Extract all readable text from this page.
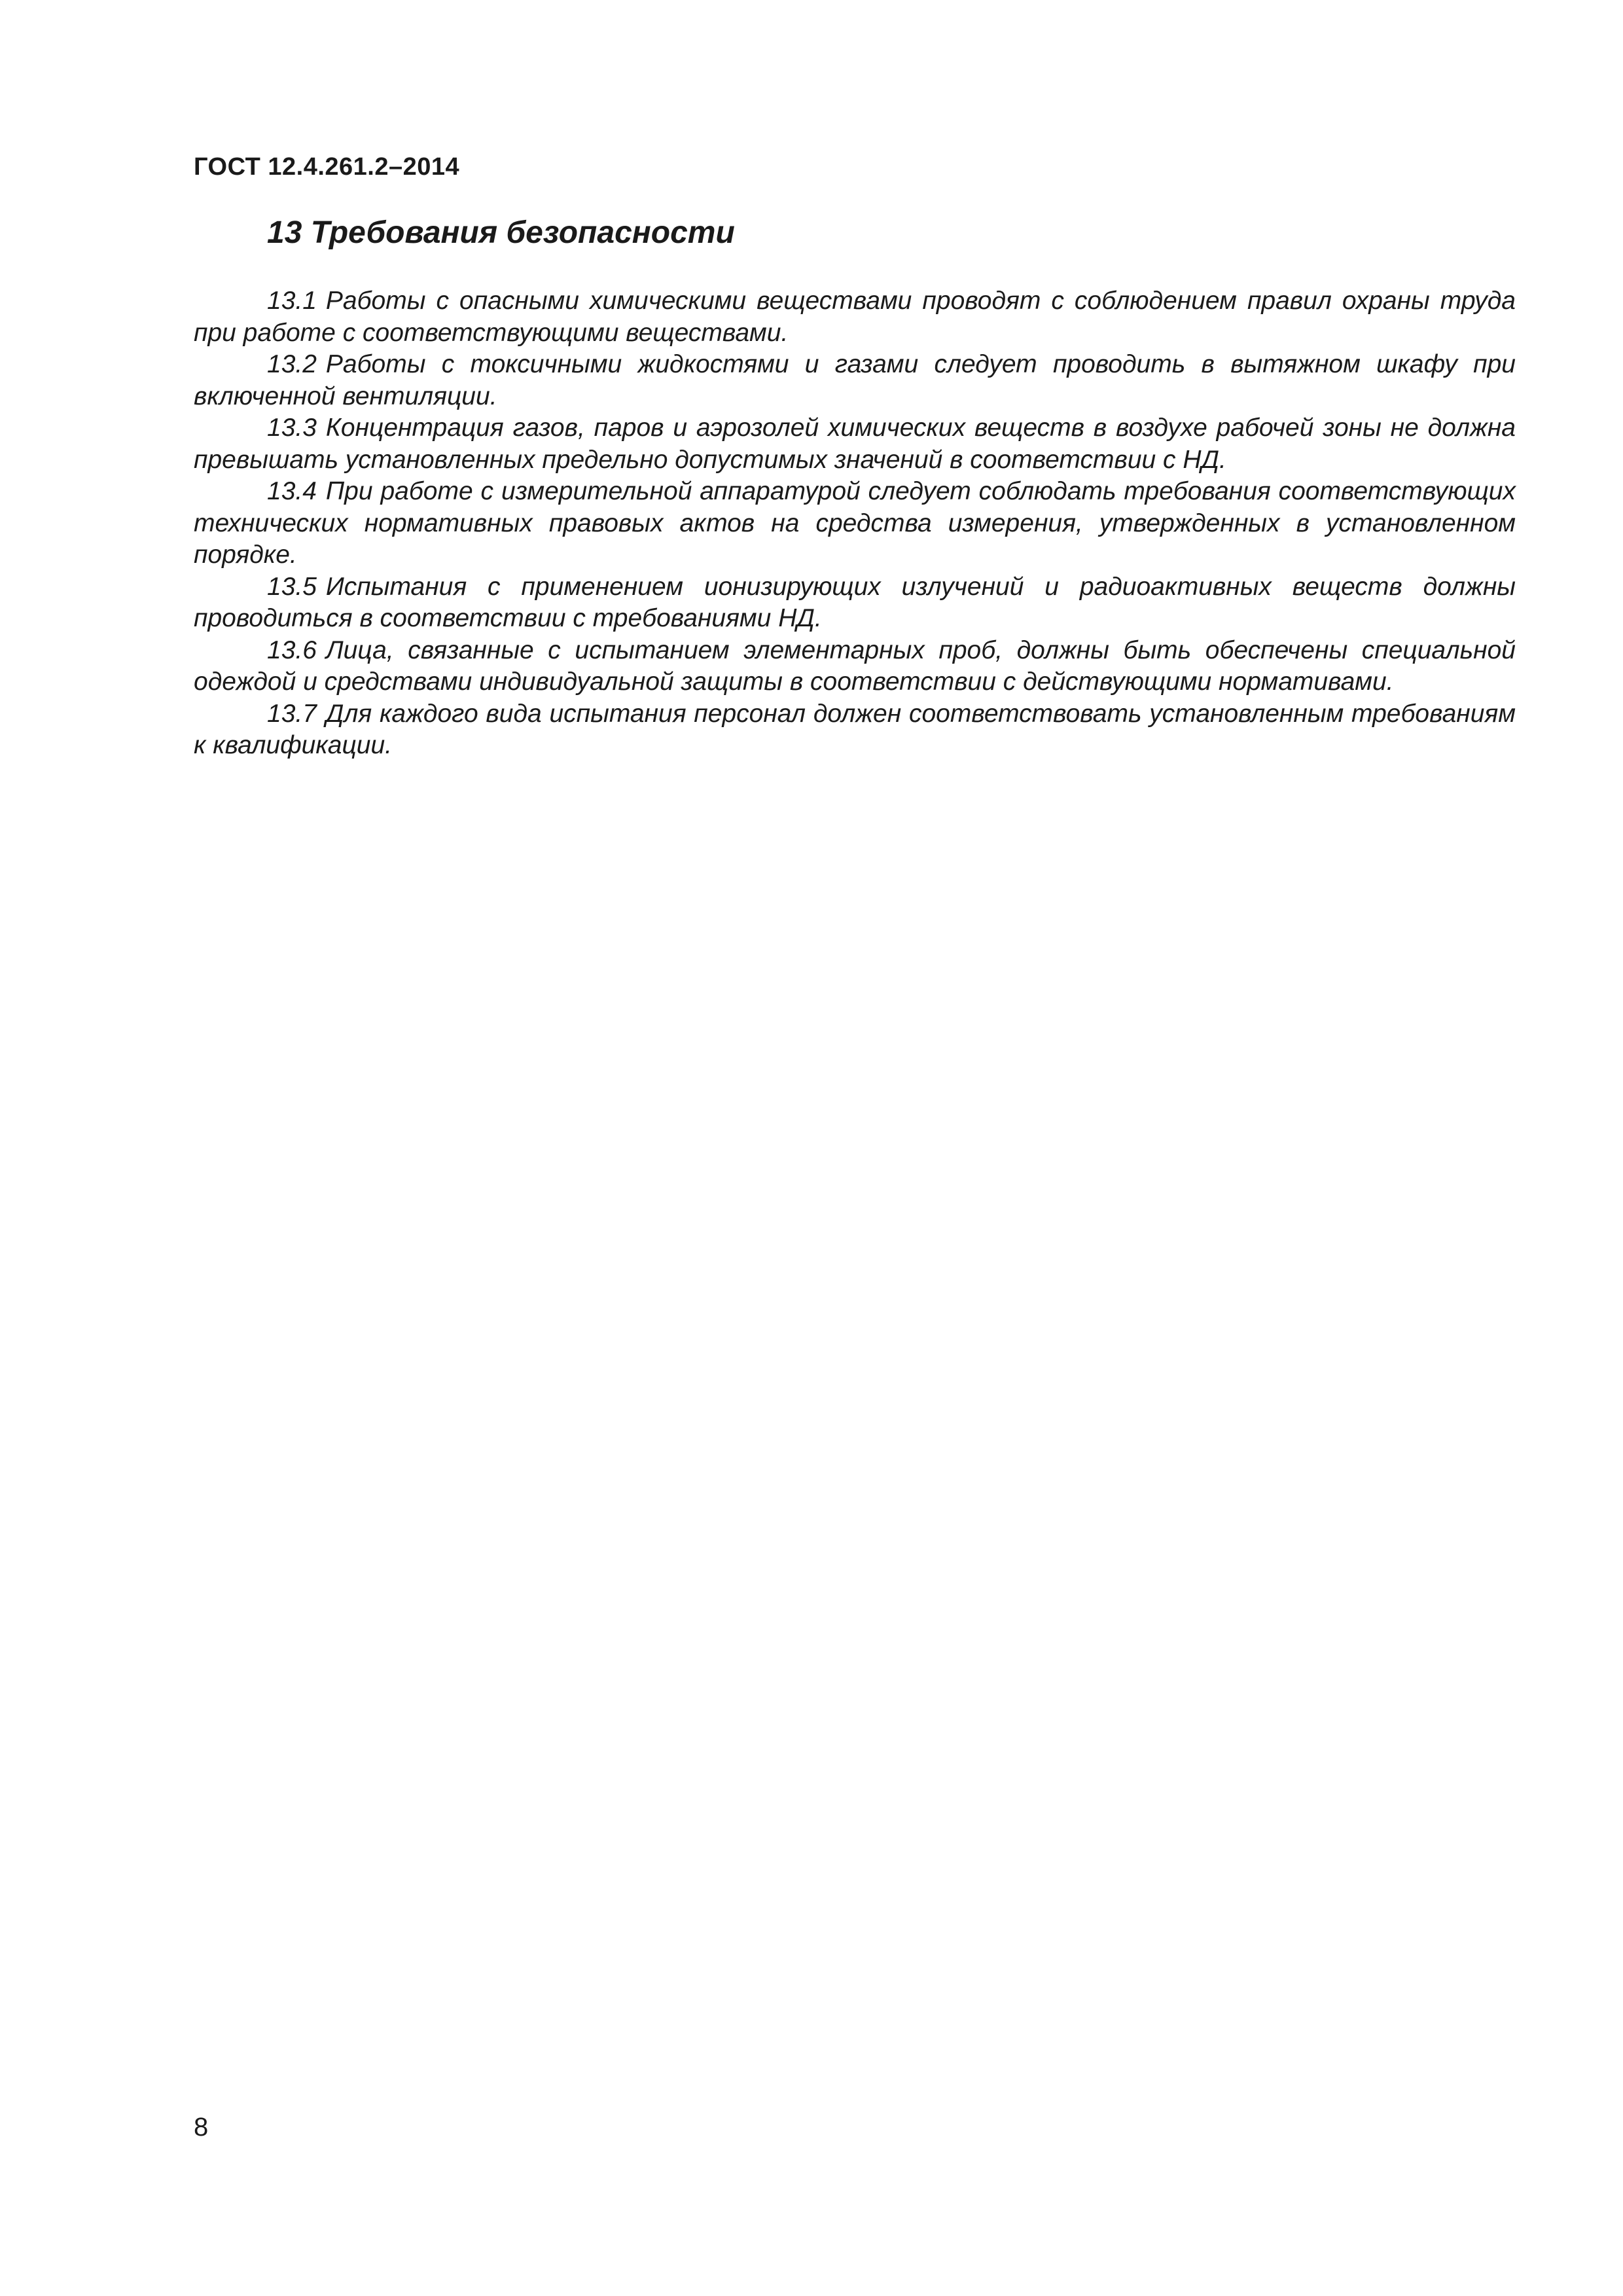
ГОСТ 12.4.261.2–2014

13 Требования безопасности

13.1 Работы с опасными химическими веществами проводят с соблюдением правил охраны труда при работе с соответствующими веществами.

13.2 Работы с токсичными жидкостями и газами следует проводить в вытяжном шкафу при включенной вентиляции.

13.3 Концентрация газов, паров и аэрозолей химических веществ в воздухе рабочей зоны не должна превышать установленных предельно допустимых значений в соответствии с НД.

13.4 При работе с измерительной аппаратурой следует соблюдать требования соответствующих технических нормативных правовых актов на средства измерения, утвержденных в установленном порядке.

13.5 Испытания с применением ионизирующих излучений и радиоактивных веществ должны проводиться в соответствии с требованиями НД.

13.6 Лица, связанные с испытанием элементарных проб, должны быть обеспечены специальной одеждой и средствами индивидуальной защиты в соответствии с действующими нормативами.

13.7 Для каждого вида испытания персонал должен соответствовать установленным требованиям к квалификации.

8
